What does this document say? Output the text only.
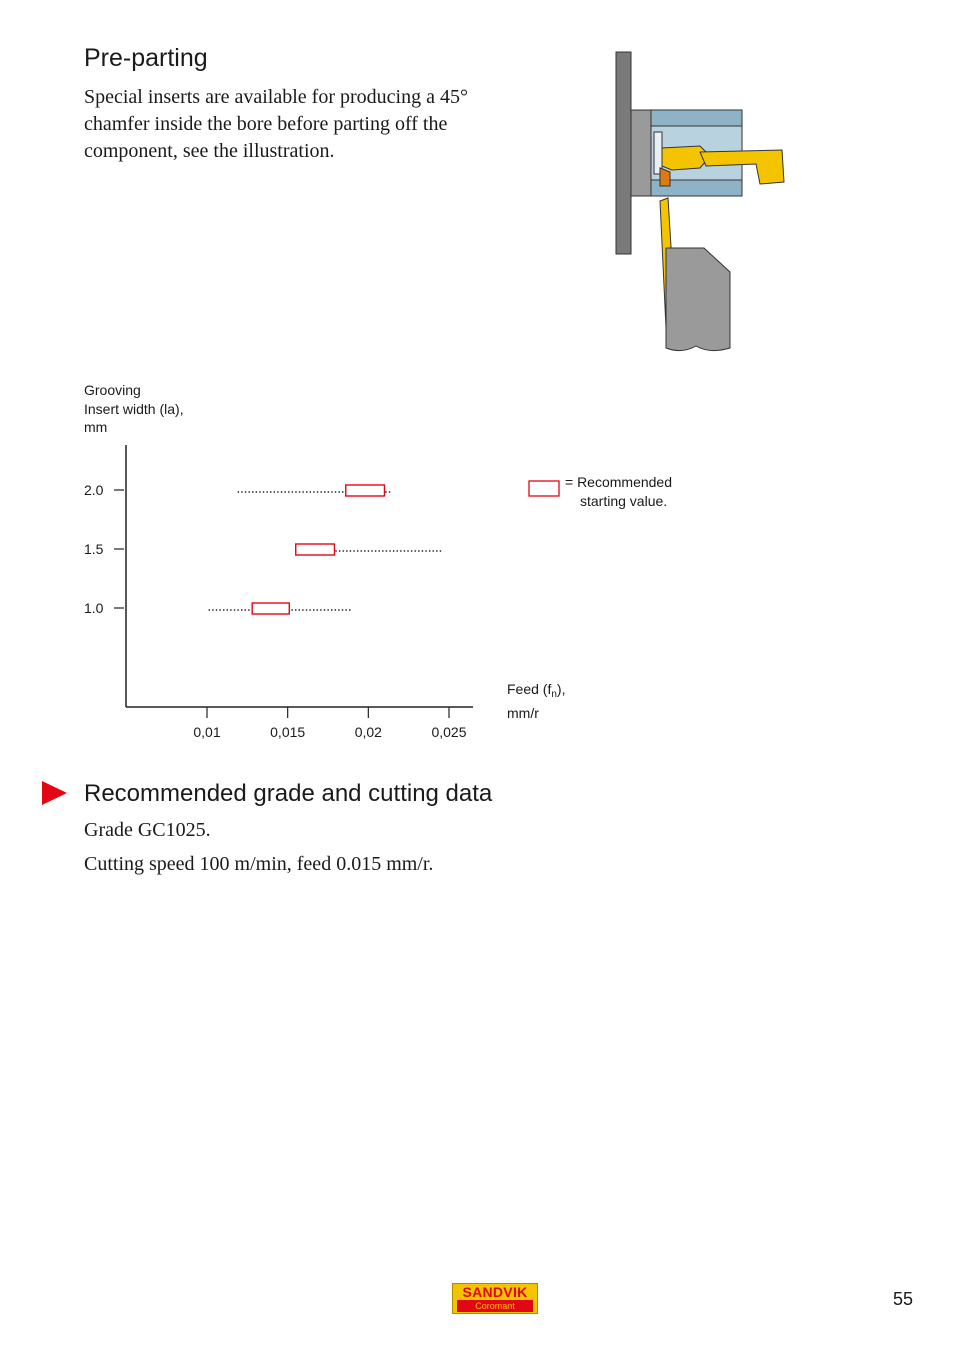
Pre-parting
Special inserts are available for producing a 45° chamfer inside the bore before parting off the component, see the illustration.
Grooving
Insert width (la),
mm
2.0
1.5
1.0
0,01	0,015	0,02	0,025
= Recommended
starting value.
Feed $(f_n)$,
mm/r
Recommended grade and cutting data
Grade GC1025.
Cutting speed 100 m/min, feed 0.015 mm/r.
SANDVIK
Coromant	55
